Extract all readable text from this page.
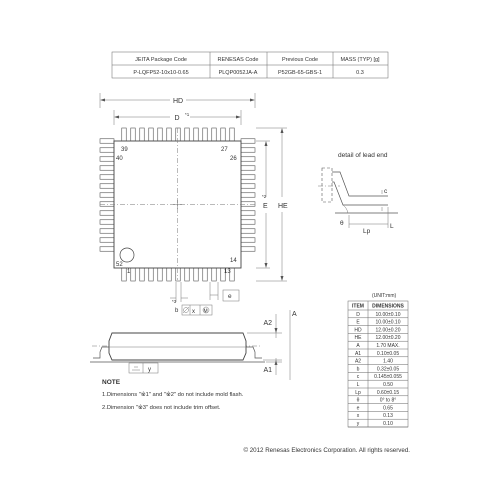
JEITA Package Code	RENESAS Code	Previous Code	MASS (TYP) [g]
P-LQFP52-10x10-0.65	PLQP0052JA-A	P52GB-65-GBS-1	0.3
HD
D
*1
39	27
40	26
52
1	13
14
E
*2
HE
b
*3
x M
e
y
A
A2
A1
detail of lead end
c
Lp
L
θ
(UNIT:mm)
ITEM DIMENSIONS
D	10.00±0.10
E	10.00±0.10
HD	12.00±0.20
HE	12.00±0.20
A	1.70 MAX.
A1	0.10±0.05
A2	1.40
b	0.32±0.05
c	0.145±0.055
L	0.50
Lp	0.60±0.15
θ	0° to 8°
e	0.65
x	0.13
y	0.10
NOTE
1.Dimensions "※1" and "※2" do not include mold flash.
2.Dimension "※3" does not include trim offset.
© 2012 Renesas Electronics Corporation. All rights reserved.
